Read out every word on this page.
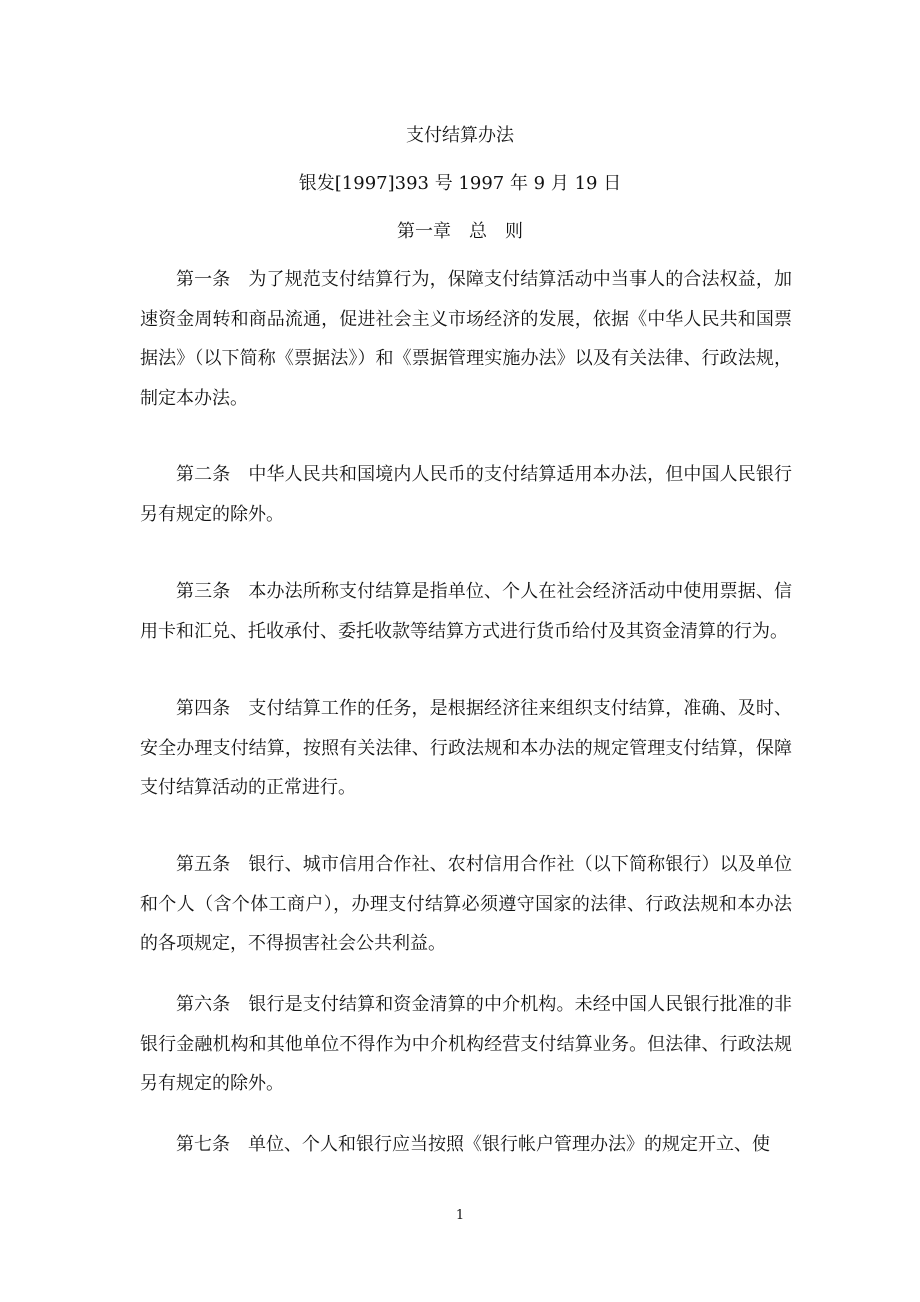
支付结算办法
银发[1997]393 号 1997 年 9 月 19 日
第一章　总　则

第一条 为了规范支付结算行为，保障支付结算活动中当事人的合法权益，加速资金周转和商品流通，促进社会主义市场经济的发展，依据《中华人民共和国票据法》（以下简称《票据法》）和《票据管理实施办法》以及有关法律、行政法规，制定本办法。

第二条 中华人民共和国境内人民币的支付结算适用本办法，但中国人民银行另有规定的除外。

第三条 本办法所称支付结算是指单位、个人在社会经济活动中使用票据、信用卡和汇兑、托收承付、委托收款等结算方式进行货币给付及其资金清算的行为。

第四条 支付结算工作的任务，是根据经济往来组织支付结算，准确、及时、安全办理支付结算，按照有关法律、行政法规和本办法的规定管理支付结算，保障支付结算活动的正常进行。

第五条 银行、城市信用合作社、农村信用合作社（以下简称银行）以及单位和个人（含个体工商户），办理支付结算必须遵守国家的法律、行政法规和本办法的各项规定，不得损害社会公共利益。

第六条 银行是支付结算和资金清算的中介机构。未经中国人民银行批准的非银行金融机构和其他单位不得作为中介机构经营支付结算业务。但法律、行政法规另有规定的除外。

第七条 单位、个人和银行应当按照《银行帐户管理办法》的规定开立、使

1
